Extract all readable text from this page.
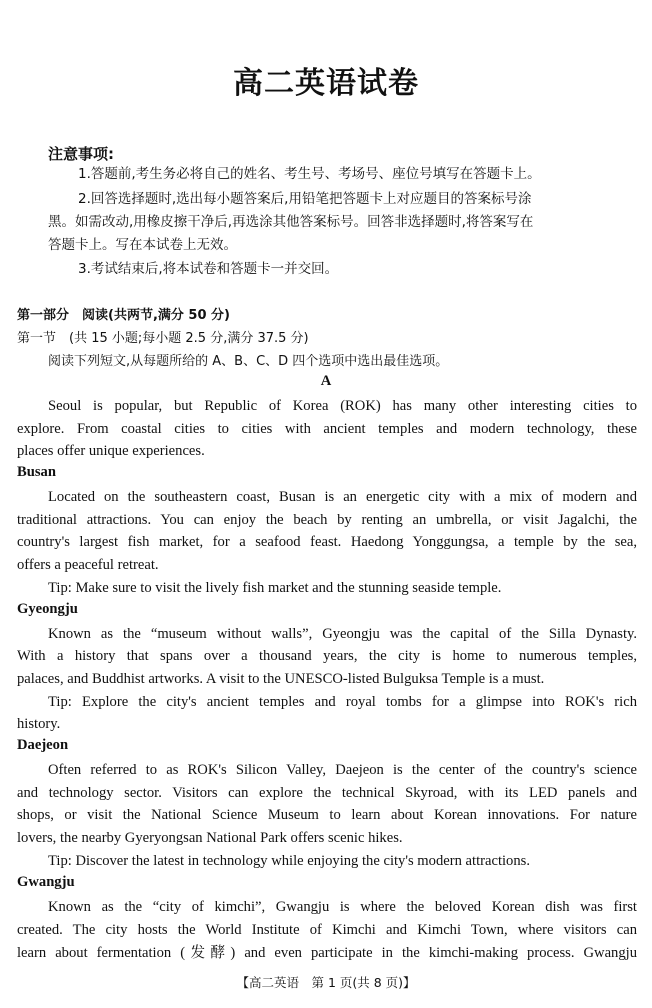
高二英语试卷
注意事项:
1.答题前,考生务必将自己的姓名、考生号、考场号、座位号填写在答题卡上。
2.回答选择题时,选出每小题答案后,用铅笔把答题卡上对应题目的答案标号涂
黑。如需改动,用橡皮擦干净后,再选涂其他答案标号。回答非选择题时,将答案写在
答题卡上。写在本试卷上无效。
3.考试结束后,将本试卷和答题卡一并交回。
第一部分　阅读(共两节,满分 50 分)
第一节　(共 15 小题;每小题 2.5 分,满分 37.5 分)
阅读下列短文,从每题所给的 A、B、C、D 四个选项中选出最佳选项。
A
Seoul is popular, but Republic of Korea (ROK) has many other interesting cities to
explore. From coastal cities to cities with ancient temples and modern technology, these
places offer unique experiences.
Busan
Located on the southeastern coast, Busan is an energetic city with a mix of modern and
traditional attractions. You can enjoy the beach by renting an umbrella, or visit Jagalchi, the
country's largest fish market, for a seafood feast. Haedong Yonggungsa, a temple by the sea,
offers a peaceful retreat.
Tip: Make sure to visit the lively fish market and the stunning seaside temple.
Gyeongju
Known as the “museum without walls”, Gyeongju was the capital of the Silla Dynasty.
With a history that spans over a thousand years, the city is home to numerous temples,
palaces, and Buddhist artworks. A visit to the UNESCO-listed Bulguksa Temple is a must.
Tip: Explore the city's ancient temples and royal tombs for a glimpse into ROK's rich
history.
Daejeon
Often referred to as ROK's Silicon Valley, Daejeon is the center of the country's science
and technology sector. Visitors can explore the technical Skyroad, with its LED panels and
shops, or visit the National Science Museum to learn about Korean innovations. For nature
lovers, the nearby Gyeryongsan National Park offers scenic hikes.
Tip: Discover the latest in technology while enjoying the city's modern attractions.
Gwangju
Known as the “city of kimchi”, Gwangju is where the beloved Korean dish was first
created. The city hosts the World Institute of Kimchi and Kimchi Town, where visitors can
learn about fermentation (发酵) and even participate in the kimchi-making process. Gwangju
【高二英语　第 1 页(共 8 页)】
